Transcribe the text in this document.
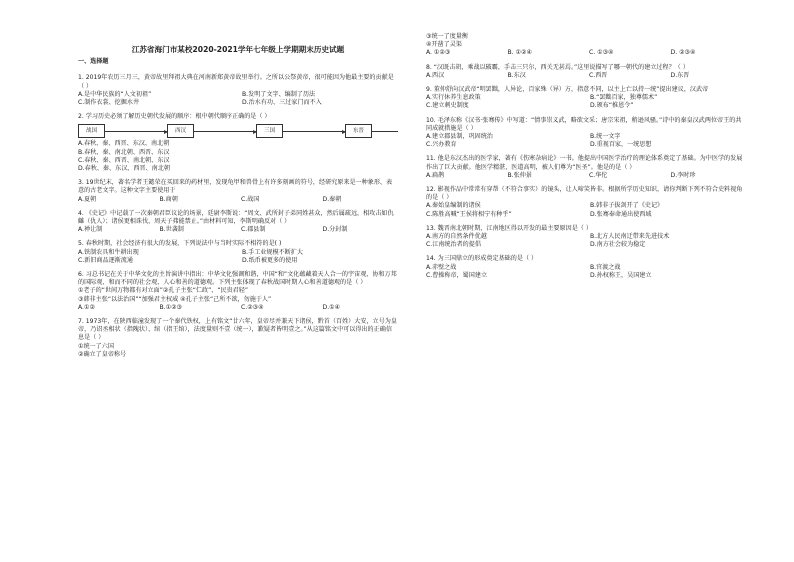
江苏省海门市某校2020-2021学年七年级上学期期末历史试题
一、选择题
1. 2019年农历三月三，黄帝故里拜祖大典在河南新郑黄帝故里举行。之所以公祭黄帝，很可能因为他最主要的贡献是（ ）
A.是中华民族的“人文初祖”	B.发明了文字、编制了历法
C.制作衣裳、挖掘水井	D.治水有功、三过家门而不入
2. 学习历史必须了解历史朝代发展的顺序：根中朝代顺序正确的是（ ）
战国	西汉	三国	东晋
A.春秋、秦、西晋、东汉、南北朝
B.春秋、秦、南北朝、西晋、东汉
C.春秋、秦、西晋、南北朝、东汉
D.春秋、秦、东汉、西晋、南北朝
3. 19世纪末，著名学者王懿荣在买回来的药材里，发现龟甲和兽骨上有许多刻画的符号，经研究原来是一种象形、表意的古老文字。这种文字主要使用于
A.夏朝	B.商朝	C.战国	D.秦朝
4. 《史记》中记载了一次秦朝君臣议论的场景，廷尉李斯说：“周文、武所封子弟同姓甚众，然后属疏远，相攻击如仇雠（仇人）；诸侯更相诛伐，周天子弗能禁止。”由材料可知，李斯明确反对（ ）
A.禅让制	B.世袭制	C.郡县制	D.分封制
5. 春秋时期，社会经济有很大的发展，下列说法中与当时实际不相符的是( )
A.铁制农具和牛耕出现	B.手工业规模不断扩大
C.新旧商品逐渐流通	D.纸币被更多的使用
6. 习总书记在关于中华文化的主旨演讲中指出：中华文化强调和谐，中国“和”文化蕴藏着天人合一的宇宙观、协和万邦的国际观、和而不同的社会观、人心和善的道德观。下列主张体现了春秋战国时期人心和善道德观的是（ ）
①老子的“世间万物都有对立面”②孔子主张“仁政”、“民贵君轻”
③韩非主张“以法治国”“加强君主权威 ④孔子主张“己所不欲，勿施于人”
A.①②	B.①②③	C.②③④	D.①④
7. 1973年，在陕西临潼发现了一个秦代铁权，上有铭文“廿六年，皇帝尽并兼天下诸侯，黔首（百姓）大安，立号为皇帝，乃诏丞相状（指隗状）、绾（指王绾），法度量则不壹（统一），歉疑者皆明壹之。”从这篇铭文中可以得出的正确信息是（ ）
①统一了六国
②确立了皇帝称号
③统一了度量衡
④开凿了灵渠
A. ①②③	B. ①②④	C. ①③④	D. ②③④
8. “汉既击胡，乘战以破霸，手击三只尔，西关无甚焉。”这里说描写了哪一朝代的建立过程？（ ）
A.西汉	B.东汉	C.西晋	D.东晋
9. 董仲舒向汉武帝“明罢黜，人异论，百家殊（异）方，指意不同，以主上亡以持一统”提出建议，汉武帝
A.实行休养生息政策	B.“罢黜百家，独尊儒术”
C.建立刺史制度	D.颁布“推恩令”
10. 毛泽东称《汉书·张骞传》中写道：“情事崇义武，略欲文采；唐宗宋祖，稍逊风骚。”诗中的秦皇汉武两位帝王的共同成就措施是（ ）
A.建立郡县制，巩固统治	B.统一文字
C.兴办教育	D.重视百家，一统思想
11. 他是东汉杰出的医学家，著有《伤寒杂病论》一书。他提出中国医学治疗的理论体系奠定了基础。为中医学的发展作出了巨大贡献。他医学精湛，医道高明，被人们尊为“医圣”。他是的是（ ）
A.扁鹊	B.张仲景	C.华佗	D.李时珍
12. 影视作品中常常有穿帮（不符合事实）的镜头，让人啼笑皆非。根据所学历史知识，请你判断下列不符合史料视角的是（ ）
A.秦始皇编制的诸侯	B.韩非子拔剑开了《史记》
C.陈胜高喊“王侯将相宁有种乎”	D.张骞奉命通出使西域
13. 魏晋南北朝时期，江南地区得以开发的最主要原因是（ ）
A.南方的自然条件优越	B.北方人民南迁带来先进技术
C.江南统治者的提倡	D.南方社会较为稳定
14. 为三国鼎立的形成奠定基础的是（ ）
A.赤壁之战	B.官渡之战
C.曹操称帝，蜀国建立	D.孙权称王，吴国建立
